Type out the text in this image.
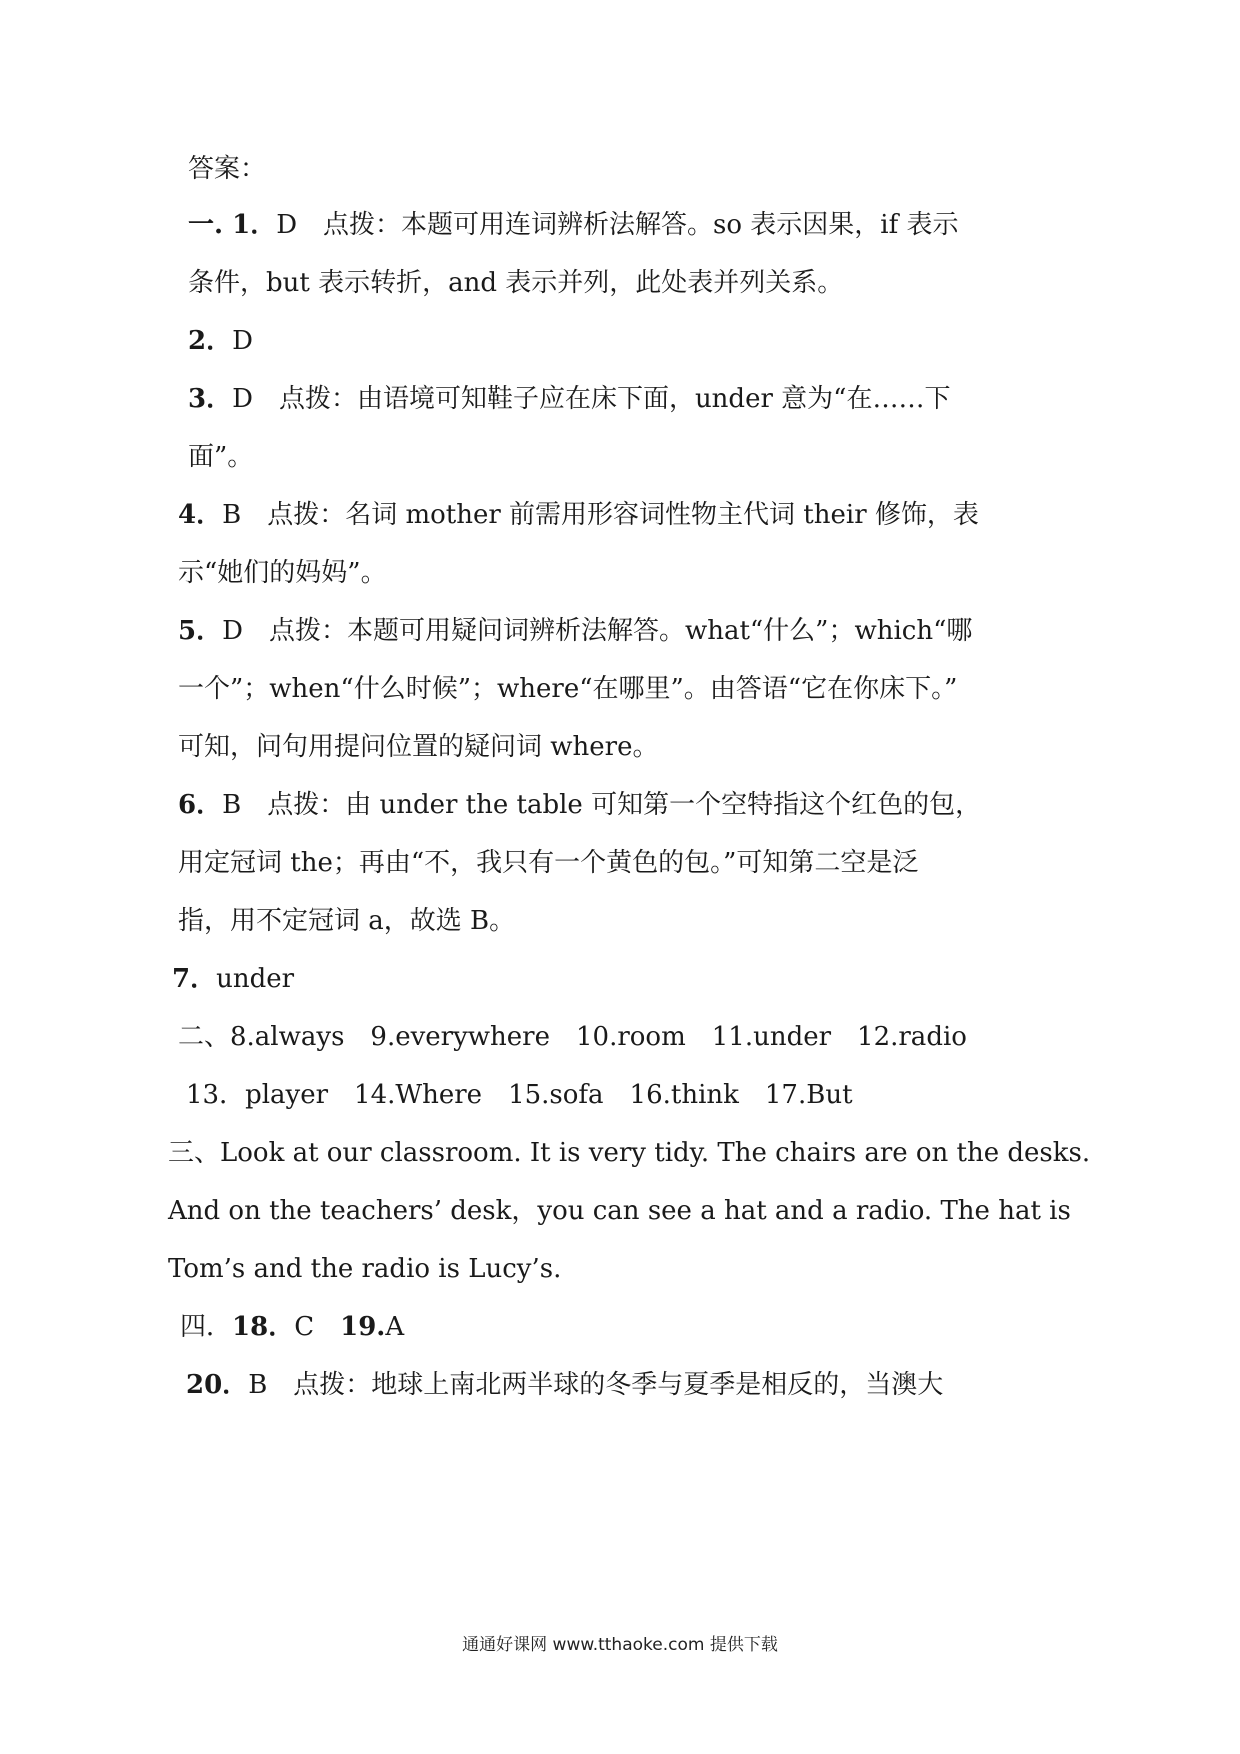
答案：
一. 1．D　点拨：本题可用连词辨析法解答。so 表示因果，if 表示
条件，but 表示转折，and 表示并列，此处表并列关系。
2．D
3．D　点拨：由语境可知鞋子应在床下面，under 意为“在……下
面”。
4．B　点拨：名词 mother 前需用形容词性物主代词 their 修饰，表
示“她们的妈妈”。
5．D　点拨：本题可用疑问词辨析法解答。what“什么”；which“哪
一个”；when“什么时候”；where“在哪里”。由答语“它在你床下。”
可知，问句用提问位置的疑问词 where。
6．B　点拨：由 under the table 可知第一个空特指这个红色的包，
用定冠词 the；再由“不，我只有一个黄色的包。”可知第二空是泛
指，用不定冠词 a，故选 B。
7．under
二、8.always　9.everywhere　10.room　11.under　12.radio
13．player　14.Where　15.sofa　16.think　17.But
三、Look at our classroom. It is very tidy. The chairs are on the desks.
And on the teachers’ desk，you can see a hat and a radio. The hat is
Tom’s and the radio is Lucy’s.
四．18．C　19.A
20．B　点拨：地球上南北两半球的冬季与夏季是相反的，当澳大
通通好课网 www.tthaoke.com 提供下载
